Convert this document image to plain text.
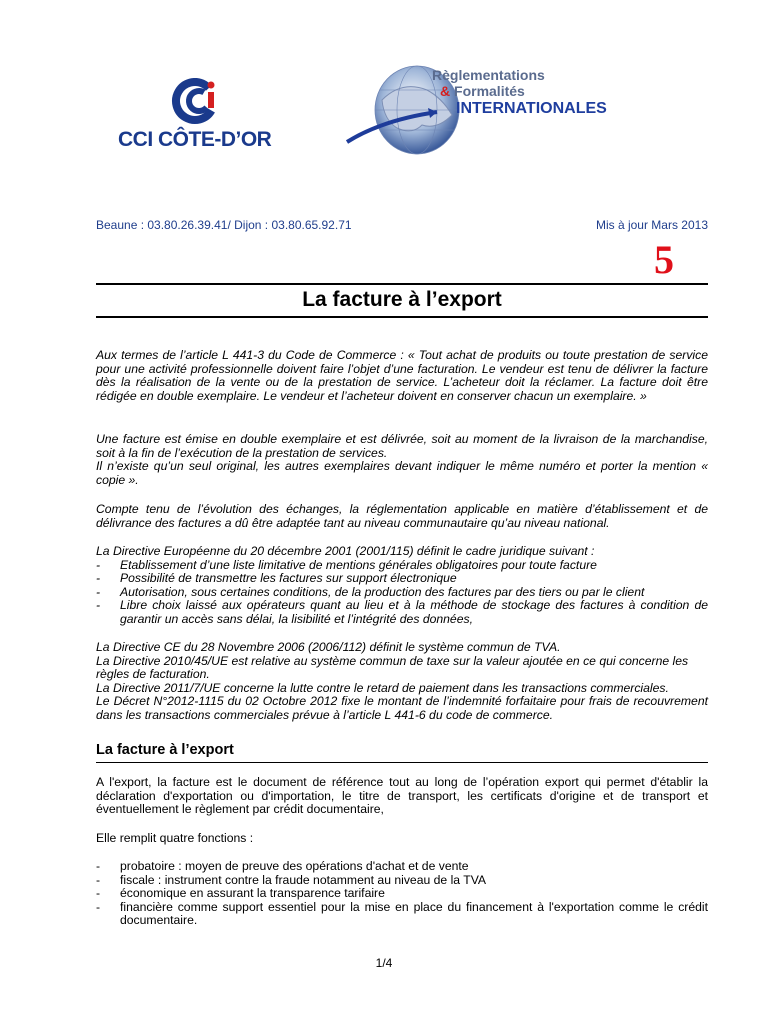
CCI CÔTE-D’OR
Règlementations
& Formalités
INTERNATIONALES
Beaune : 03.80.26.39.41/ Dijon : 03.80.65.92.71	Mis à jour Mars 2013
5
La facture à l’export
Aux termes de l’article L 441-3 du Code de Commerce : « Tout achat de produits ou toute prestation de service pour une activité professionnelle doivent faire l’objet d’une facturation. Le vendeur est tenu de délivrer la facture dès la réalisation de la vente ou de la prestation de service. L’acheteur doit la réclamer. La facture doit être rédigée en double exemplaire. Le vendeur et l’acheteur doivent en conserver chacun un exemplaire. »

Une facture est émise en double exemplaire et est délivrée, soit au moment de la livraison de la marchandise, soit à la fin de l’exécution de la prestation de services.

Il n’existe qu’un seul original, les autres exemplaires devant indiquer le même numéro et porter la mention « copie ».

Compte tenu de l’évolution des échanges, la réglementation applicable en matière d’établissement et de délivrance des factures a dû être adaptée tant au niveau communautaire qu’au niveau national.

La Directive Européenne du 20 décembre 2001 (2001/115) définit le cadre juridique suivant :

- Etablissement d’une liste limitative de mentions générales obligatoires pour toute facture
- Possibilité de transmettre les factures sur support électronique
- Autorisation, sous certaines conditions, de la production des factures par des tiers ou par le client
- Libre choix laissé aux opérateurs quant au lieu et à la méthode de stockage des factures à condition de garantir un accès sans délai, la lisibilité et l’intégrité des données,

La Directive CE du 28 Novembre 2006 (2006/112) définit le système commun de TVA.

La Directive 2010/45/UE est relative au système commun de taxe sur la valeur ajoutée en ce qui concerne les règles de facturation.

La Directive 2011/7/UE concerne la lutte contre le retard de paiement dans les transactions commerciales.

Le Décret N°2012-1115 du 02 Octobre 2012 fixe le montant de l’indemnité forfaitaire pour frais de recouvrement dans les transactions commerciales prévue à l’article L 441-6 du code de commerce.

La facture à l’export
A l'export, la facture est le document de référence tout au long de l’opération export qui permet d'établir la déclaration d'exportation ou d'importation, le titre de transport, les certificats d'origine et de transport et éventuellement le règlement par crédit documentaire,
Elle remplit quatre fonctions :
- probatoire : moyen de preuve des opérations d'achat et de vente
- fiscale : instrument contre la fraude notamment au niveau de la TVA
- économique en assurant la transparence tarifaire
- financière comme support essentiel pour la mise en place du financement à l'exportation comme le crédit documentaire.
1/4
